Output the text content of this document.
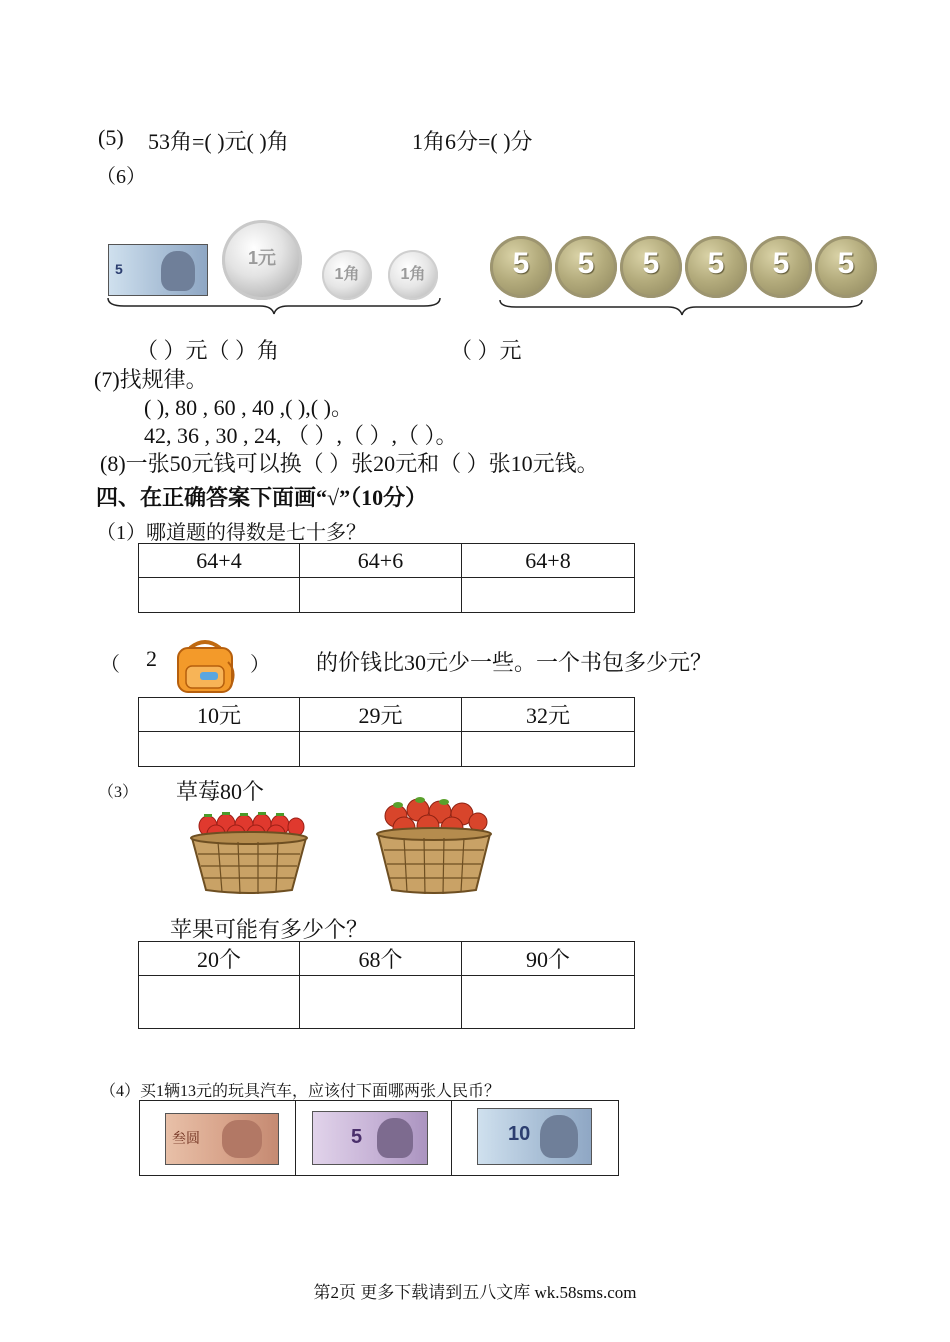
(5) 53角=( )元( )角	1角6分=( )分
（6）
5
1元
1角	1角	5	5	5	5	5	5
（ ）元（ ）角	（ ）元
(7)找规律。
( ), 80 , 60 , 40 ,( ),( )。
42, 36 , 30 , 24, （ ）,（ ）,（ ）。
(8)一张50元钱可以换（ ）张20元和（ ）张10元钱。
四、在正确答案下面画“√”（10分）
（1）哪道题的得数是七十多？
64+4	64+6	64+8

（ 2	） 的价钱比30元少一些。一个书包多少元？
10元	29元	32元

（3） 草莓80个
苹果可能有多少个？
20个	68个	90个

（4）买1辆13元的玩具汽车，应该付下面哪两张人民币？

叁圆	5	10
第2页 更多下载请到五八文库 wk.58sms.com
